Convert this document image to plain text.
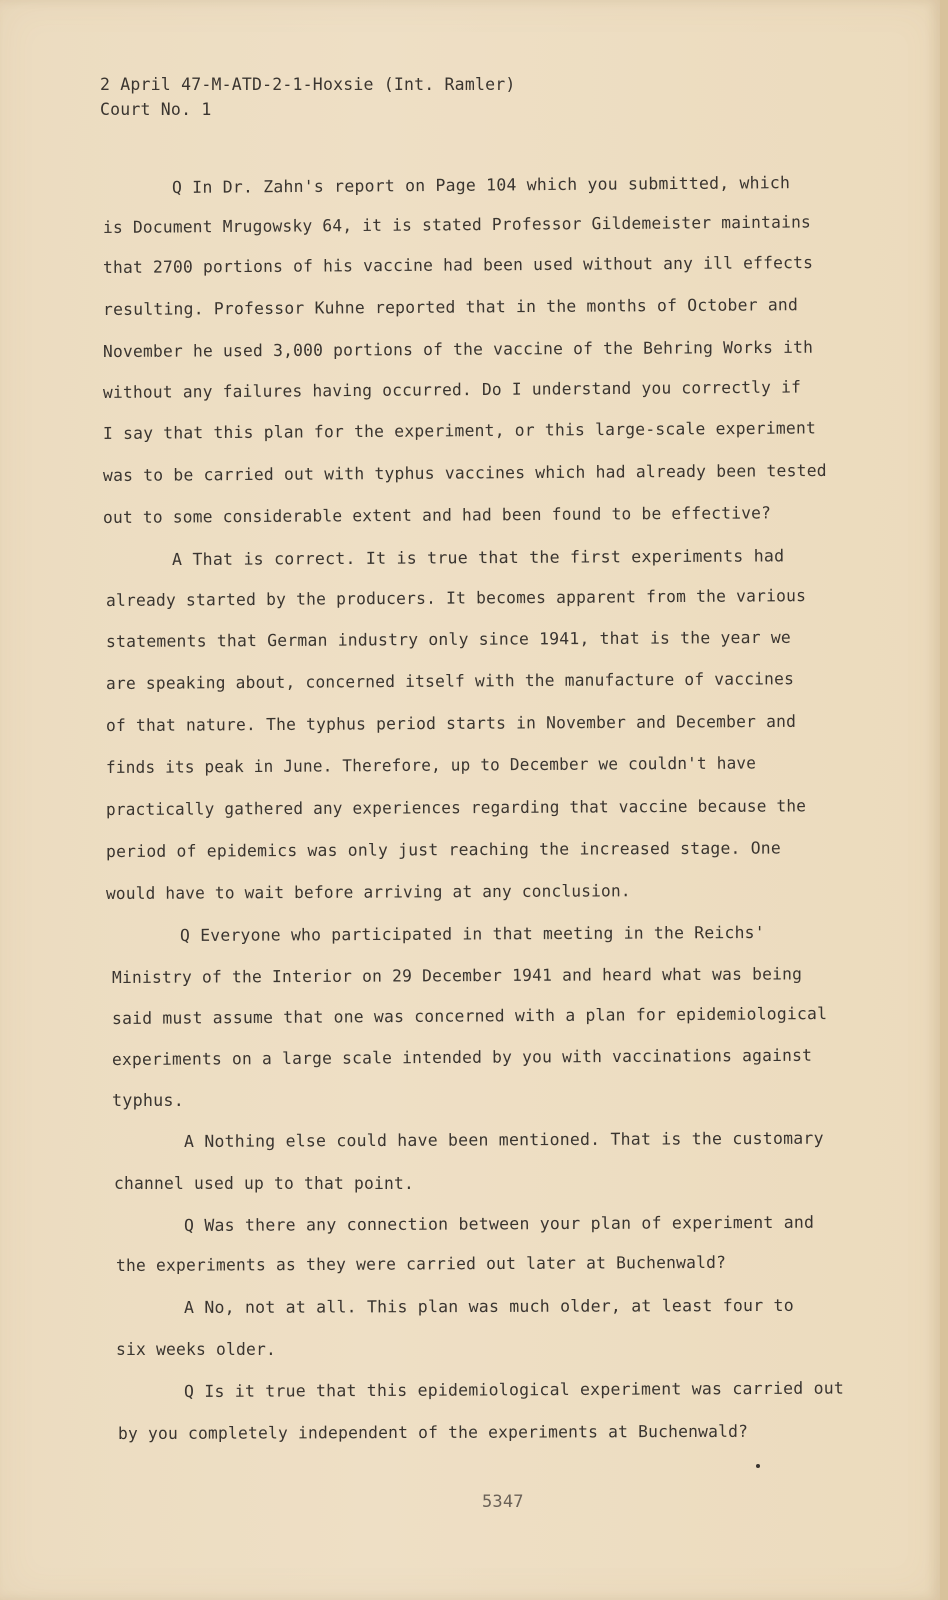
2 April 47-M-ATD-2-1-Hoxsie (Int. Ramler)
Court No. 1
Q In Dr. Zahn's report on Page 104 which you submitted, which
is Document Mrugowsky 64, it is stated Professor Gildemeister maintains
that 2700 portions of his vaccine had been used without any ill effects
resulting. Professor Kuhne reported that in the months of October and
November he used 3,000 portions of the vaccine of the Behring Works ith
without any failures having occurred. Do I understand you correctly if
I say that this plan for the experiment, or this large-scale experiment
was to be carried out with typhus vaccines which had already been tested
out to some considerable extent and had been found to be effective?
A That is correct. It is true that the first experiments had
already started by the producers. It becomes apparent from the various
statements that German industry only since 1941, that is the year we
are speaking about, concerned itself with the manufacture of vaccines
of that nature. The typhus period starts in November and December and
finds its peak in June. Therefore, up to December we couldn't have
practically gathered any experiences regarding that vaccine because the
period of epidemics was only just reaching the increased stage. One
would have to wait before arriving at any conclusion.
Q Everyone who participated in that meeting in the Reichs'
Ministry of the Interior on 29 December 1941 and heard what was being
said must assume that one was concerned with a plan for epidemiological
experiments on a large scale intended by you with vaccinations against
typhus.
A Nothing else could have been mentioned. That is the customary
channel used up to that point.
Q Was there any connection between your plan of experiment and
the experiments as they were carried out later at Buchenwald?
A No, not at all. This plan was much older, at least four to
six weeks older.
Q Is it true that this epidemiological experiment was carried out
by you completely independent of the experiments at Buchenwald?
5347
